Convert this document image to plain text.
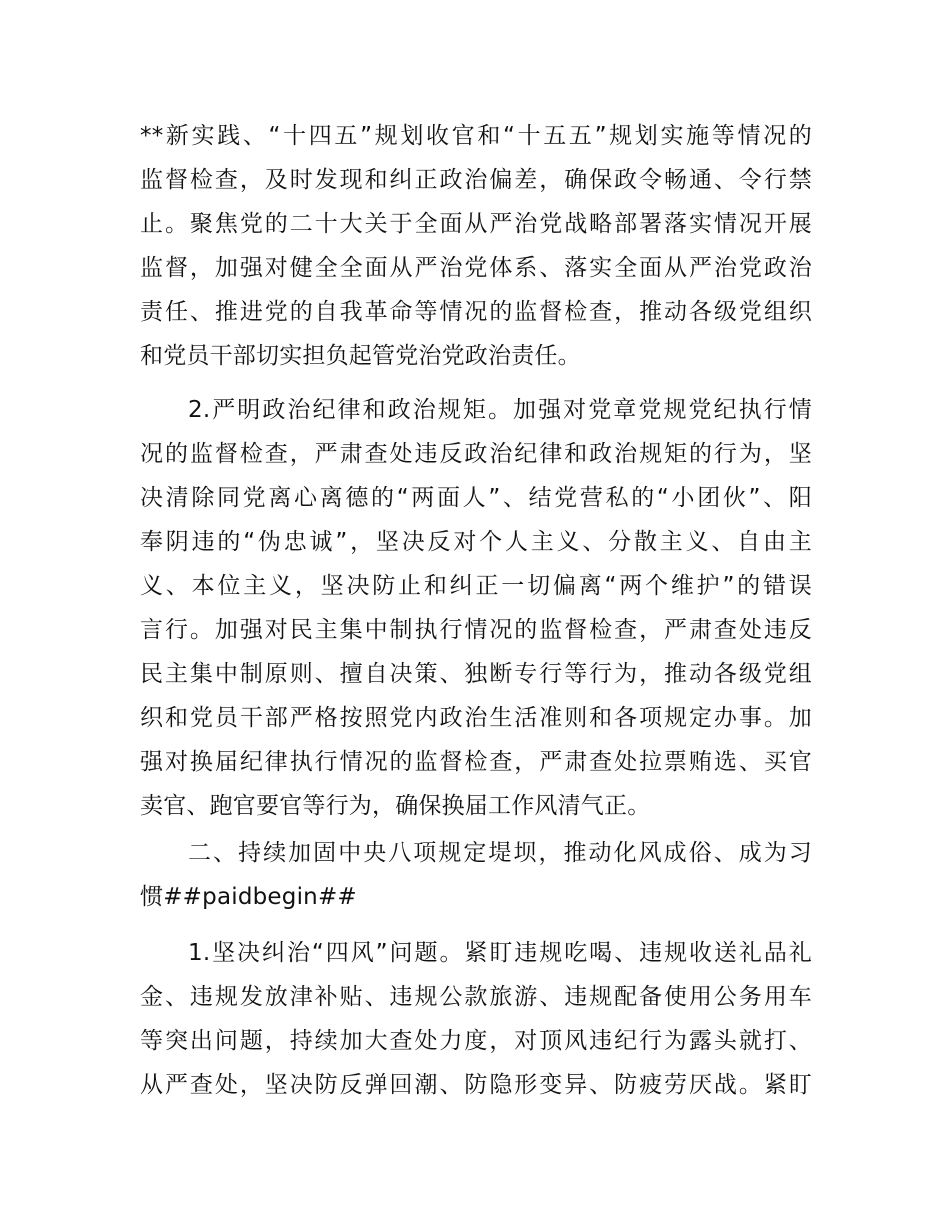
**新实践、“十四五”规划收官和“十五五”规划实施等情况的
监督检查，及时发现和纠正政治偏差，确保政令畅通、令行禁
止。聚焦党的二十大关于全面从严治党战略部署落实情况开展
监督，加强对健全全面从严治党体系、落实全面从严治党政治
责任、推进党的自我革命等情况的监督检查，推动各级党组织
和党员干部切实担负起管党治党政治责任。
2.严明政治纪律和政治规矩。加强对党章党规党纪执行情
况的监督检查，严肃查处违反政治纪律和政治规矩的行为，坚
决清除同党离心离德的“两面人”、结党营私的“小团伙”、阳
奉阴违的“伪忠诚”，坚决反对个人主义、分散主义、自由主
义、本位主义，坚决防止和纠正一切偏离“两个维护”的错误
言行。加强对民主集中制执行情况的监督检查，严肃查处违反
民主集中制原则、擅自决策、独断专行等行为，推动各级党组
织和党员干部严格按照党内政治生活准则和各项规定办事。加
强对换届纪律执行情况的监督检查，严肃查处拉票贿选、买官
卖官、跑官要官等行为，确保换届工作风清气正。
二、持续加固中央八项规定堤坝，推动化风成俗、成为习
惯##paidbegin##
1.坚决纠治“四风”问题。紧盯违规吃喝、违规收送礼品礼
金、违规发放津补贴、违规公款旅游、违规配备使用公务用车
等突出问题，持续加大查处力度，对顶风违纪行为露头就打、
从严查处，坚决防反弹回潮、防隐形变异、防疲劳厌战。紧盯
